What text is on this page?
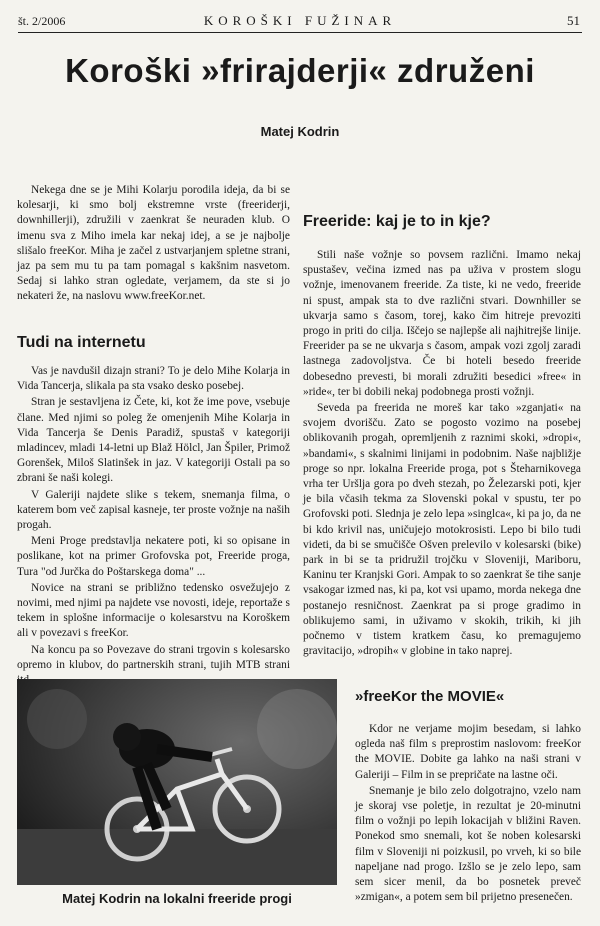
št. 2/2006	KOROŠKI FUŽINAR	51
Koroški »frirajderji« združeni
Matej Kodrin

Nekega dne se je Mihi Kolarju porodila ideja, da bi se kolesarji, ki smo bolj ekstremne vrste (freeriderji, downhillerji), združili v zaenkrat še neuraden klub. O imenu sva z Miho imela kar nekaj idej, a se je najbolje slišalo freeKor. Miha je začel z ustvarjanjem spletne strani, jaz pa sem mu tu pa tam pomagal s kakšnim nasvetom. Sedaj si lahko stran ogledate, verjamem, da ste si jo nekateri že, na naslovu www.freeKor.net.

Tudi na internetu

Vas je navdušil dizajn strani? To je delo Mihe Kolarja in Vida Tancerja, slikala pa sta vsako desko posebej.

Stran je sestavljena iz Čete, ki, kot že ime pove, vsebuje člane. Med njimi so poleg že omenjenih Mihe Kolarja in Vida Tancerja še Denis Paradiž, spustaš v kategoriji mladincev, mladi 14-letni up Blaž Hölcl, Jan Špiler, Primož Gorenšek, Miloš Slatinšek in jaz. V kategoriji Ostali pa so zbrani še naši kolegi.

V Galeriji najdete slike s tekem, snemanja filma, o katerem bom več zapisal kasneje, ter proste vožnje na naših progah.

Meni Proge predstavlja nekatere poti, ki so opisane in poslikane, kot na primer Grofovska pot, Freeride proga, Tura "od Jurčka do Poštarskega doma" ...

Novice na strani se približno tedensko osvežujejo z novimi, med njimi pa najdete vse novosti, ideje, reportaže s tekem in splošne informacije o kolesarstvu na Koroškem ali v povezavi s freeKor.

Na koncu pa so Povezave do strani trgovin s kolesarsko opremo in klubov, do partnerskih strani, tujih MTB strani

Freeride: kaj je to in kje?

Stili naše vožnje so povsem različni. Imamo nekaj spustašev, večina izmed nas pa uživa v prostem slogu vožnje, imenovanem freeride. Za tiste, ki ne vedo, freeride ni spust, ampak sta to dve različni stvari. Downhiller se ukvarja samo s časom, torej, kako čim hitreje prevoziti progo in priti do cilja. Iščejo se najlepše ali najhitrejše linije. Freerider pa se ne ukvarja s časom, ampak vozi zgolj zaradi lastnega zadovoljstva. Če bi hoteli besedo freeride dobesedno prevesti, bi morali združiti besedici »free« in »ride«, ter bi dobili nekaj podobnega prosti vožnji.

Seveda pa freerida ne moreš kar tako »zganjati« na svojem dvorišču. Zato se pogosto vozimo na posebej oblikovanih progah, opremljenih z raznimi skoki, »dropi«, »bandami«, s skalnimi linijami in podobnim. Naše najbližje proge so npr. lokalna Freeride proga, pot s Šteharnikovega vrha ter Uršlja gora po dveh stezah, po Železarski poti, kjer je bila včasih tekma za Slovenski pokal v spustu, ter po Grofovski poti. Slednja je zelo lepa »singlca«, ki pa jo, da ne bi kdo krivil nas, uničujejo motokrosisti. Lepo bi bilo tudi videti, da bi se smučišče Ošven prelevilo v kolesarski (bike) park in bi se ta pridružil trojčku v Sloveniji, Mariboru, Kaninu ter Kranjski Gori. Ampak to so zaenkrat še tihe sanje vsakogar izmed nas, ki pa, kot vsi upamo, morda nekega dne postanejo resničnost. Zaenkrat pa si proge gradimo in oblikujemo sami, in uživamo v skokih, trikih, ki jih počnemo v tistem kratkem času, ko premagujemo gravitacijo, »dropih« v globine in tako naprej.

Matej Kodrin na lokalni freeride progi
»freeKor the MOVIE«

Kdor ne verjame mojim besedam, si lahko ogleda naš film s preprostim naslovom: freeKor the MOVIE. Dobite ga lahko na naši strani v Galeriji – Film in se prepričate na lastne oči.

Snemanje je bilo zelo dolgotrajno, vzelo nam je skoraj vse poletje, in rezultat je 20-minutni film o vožnji po lepih lokacijah v bližini Raven. Ponekod smo snemali, kot še noben kolesarski film v Sloveniji ni poizkusil, po vrveh, ki so bile napeljane nad progo. Izšlo se je zelo lepo, sam sem sicer menil, da bo posnetek preveč »zmigan«, a potem sem bil prijetno presenečen.
